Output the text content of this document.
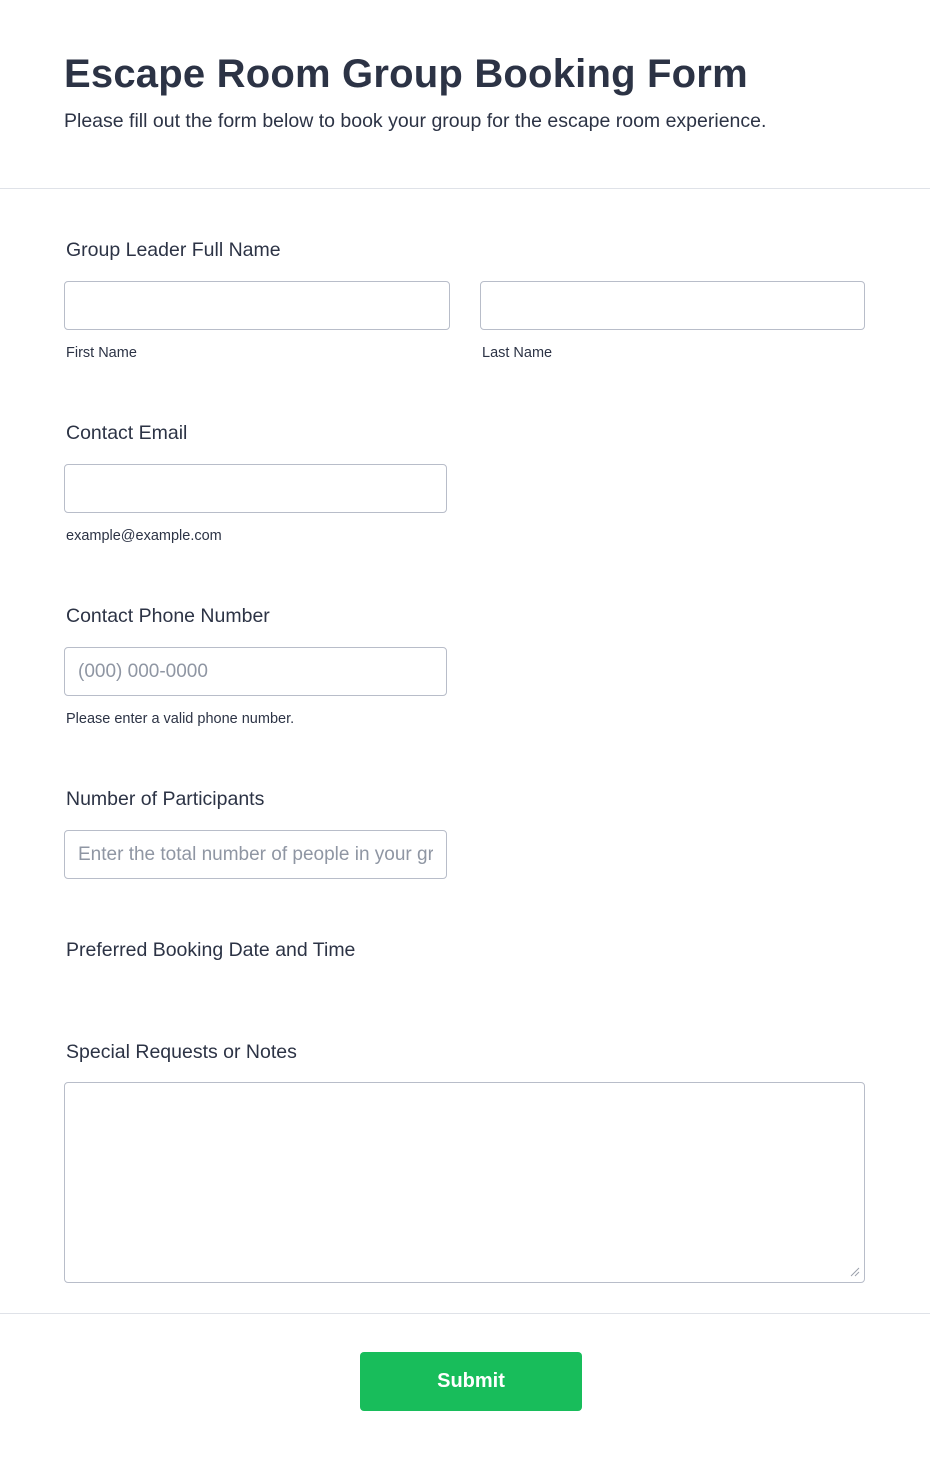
Escape Room Group Booking Form

Please fill out the form below to book your group for the escape room experience.

Group Leader Full Name
First Name	Last Name
Contact Email
example@example.com
Contact Phone Number
(000) 000-0000
Please enter a valid phone number.
Number of Participants
Enter the total number of people in your group
Preferred Booking Date and Time
Special Requests or Notes
Submit
